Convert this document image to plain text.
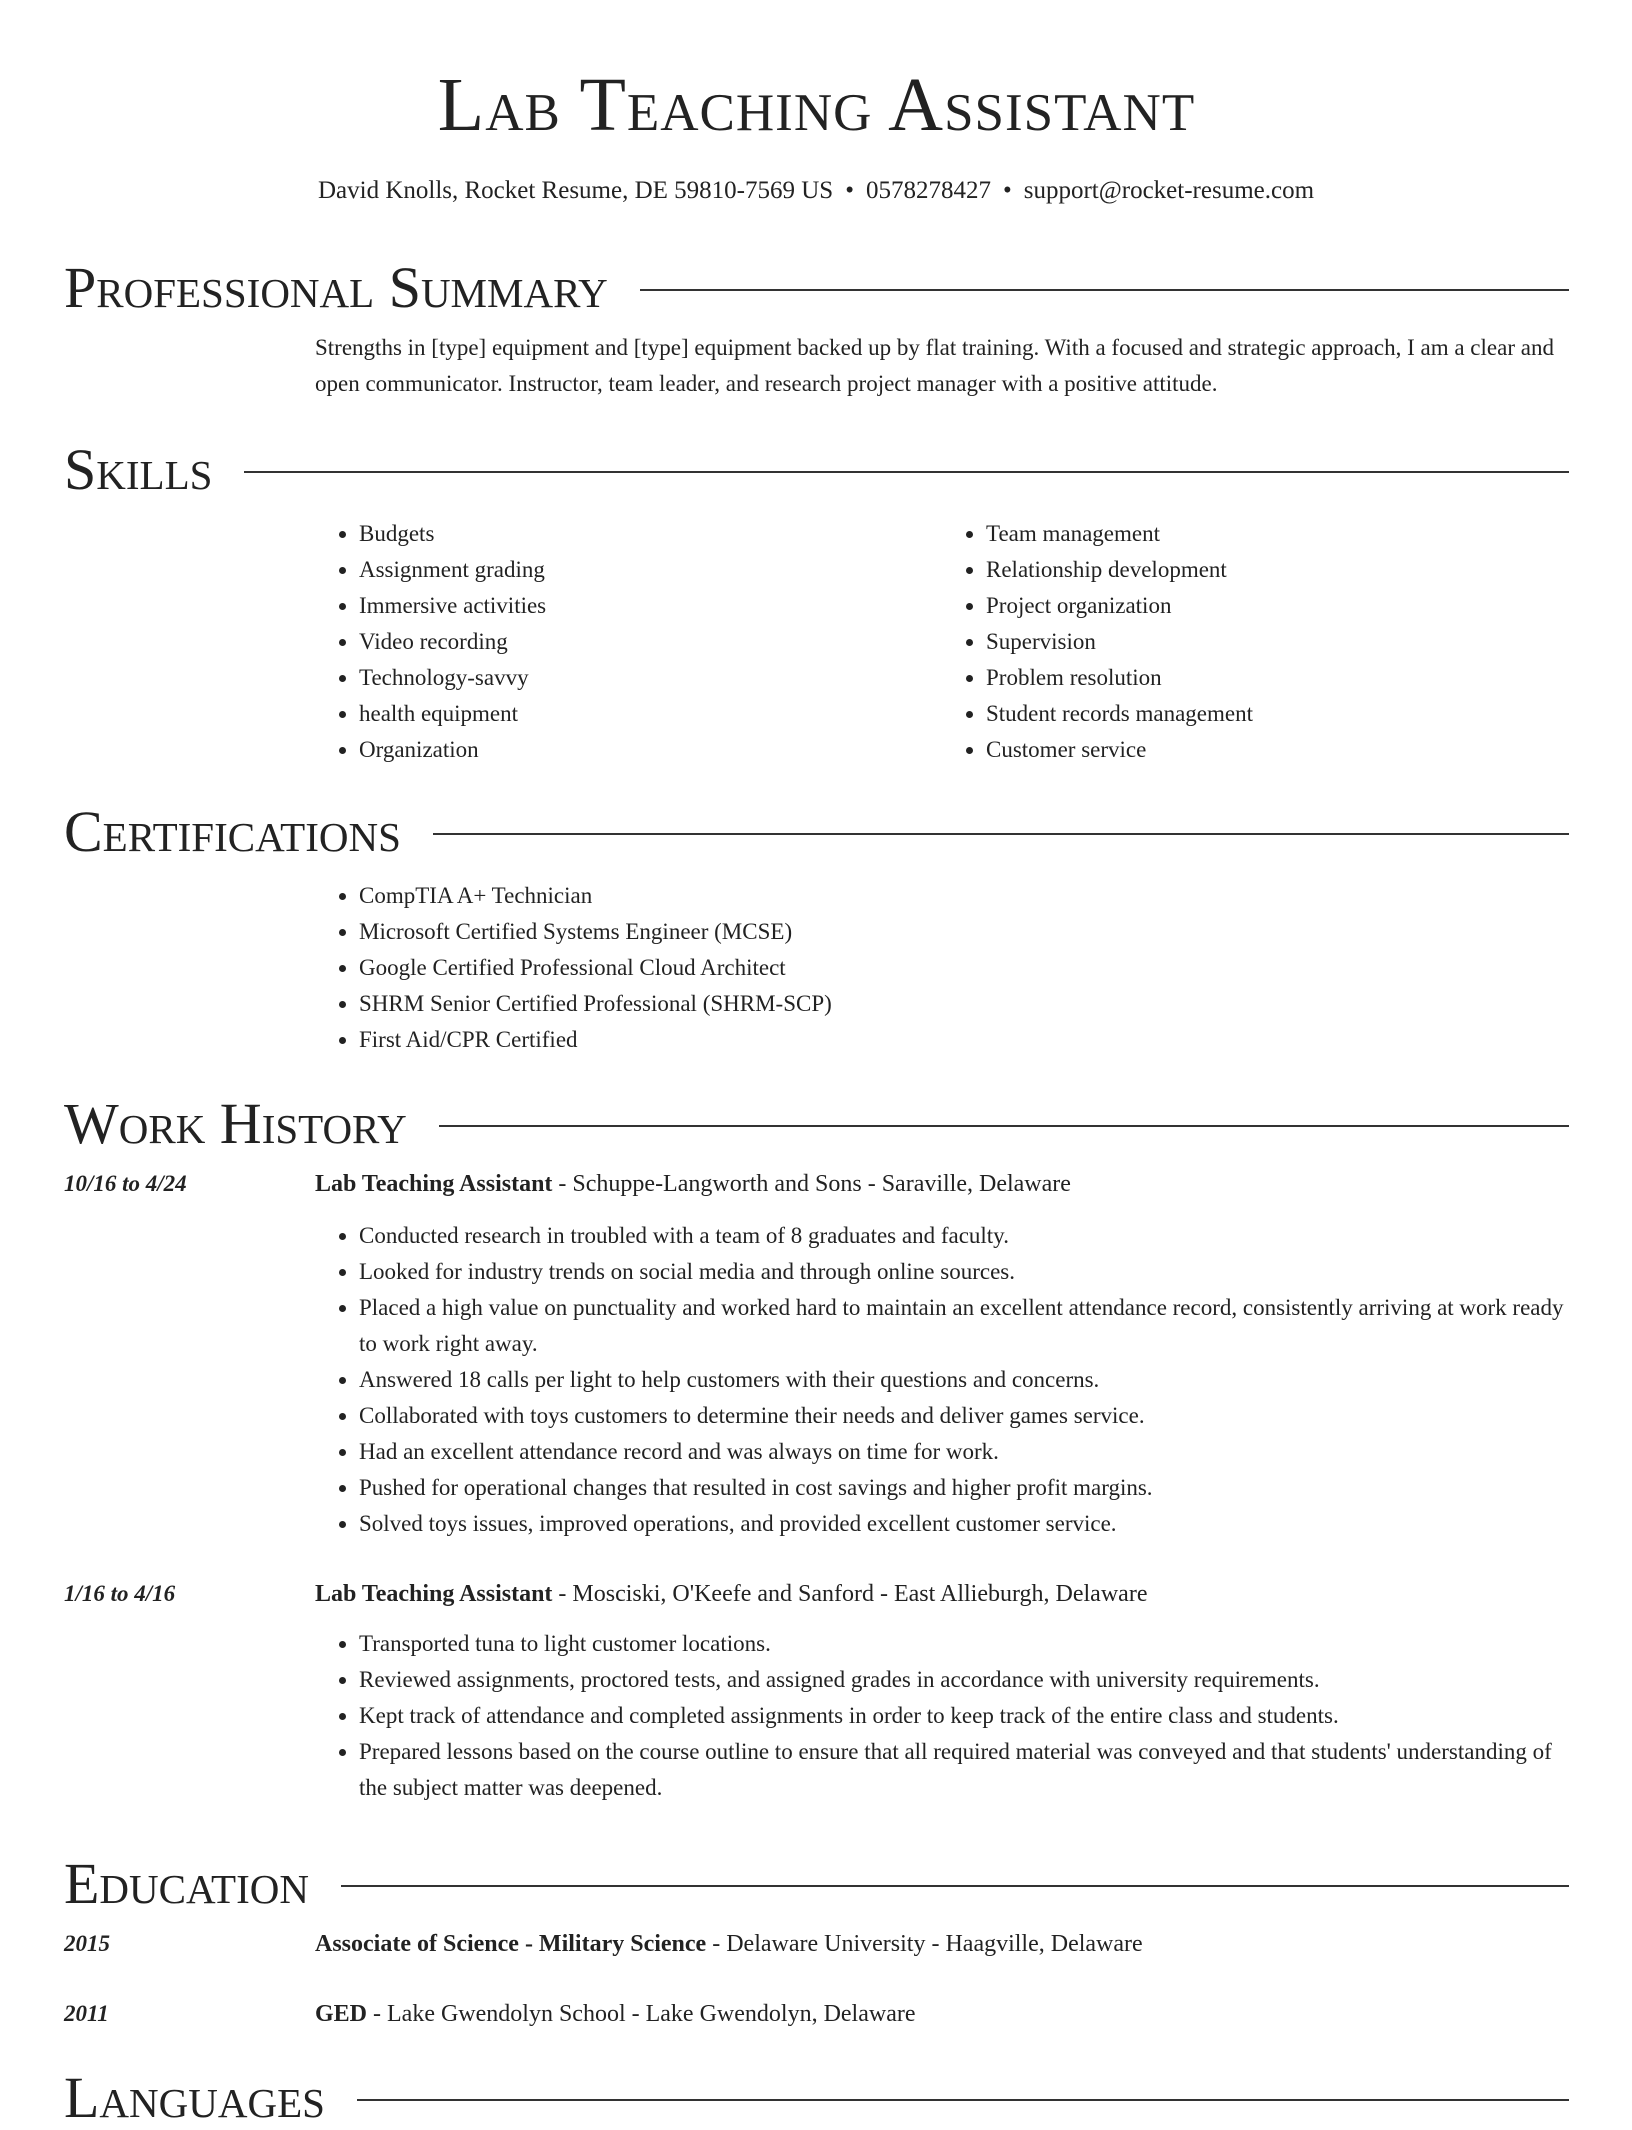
Lab Teaching Assistant
David Knolls, Rocket Resume, DE 59810-7569 US • 0578278427 • support@rocket-resume.com
Professional Summary

Strengths in [type] equipment and [type] equipment backed up by flat training. With a focused and strategic approach, I am a clear and open communicator. Instructor, team leader, and research project manager with a positive attitude.

Skills
• Budgets
• Assignment grading
• Immersive activities
• Video recording
• Technology-savvy
• health equipment
• Organization
• Team management
• Relationship development
• Project organization
• Supervision
• Problem resolution
• Student records management
• Customer service
Certifications
• CompTIA A+ Technician
• Microsoft Certified Systems Engineer (MCSE)
• Google Certified Professional Cloud Architect
• SHRM Senior Certified Professional (SHRM-SCP)
• First Aid/CPR Certified
Work History
10/16 to 4/24	Lab Teaching Assistant - Schuppe-Langworth and Sons - Saraville, Delaware
• Conducted research in troubled with a team of 8 graduates and faculty.
• Looked for industry trends on social media and through online sources.
• Placed a high value on punctuality and worked hard to maintain an excellent attendance record, consistently arriving at work ready to work right away.
• Answered 18 calls per light to help customers with their questions and concerns.
• Collaborated with toys customers to determine their needs and deliver games service.
• Had an excellent attendance record and was always on time for work.
• Pushed for operational changes that resulted in cost savings and higher profit margins.
• Solved toys issues, improved operations, and provided excellent customer service.
1/16 to 4/16	Lab Teaching Assistant - Mosciski, O'Keefe and Sanford - East Allieburgh, Delaware
• Transported tuna to light customer locations.
• Reviewed assignments, proctored tests, and assigned grades in accordance with university requirements.
• Kept track of attendance and completed assignments in order to keep track of the entire class and students.
• Prepared lessons based on the course outline to ensure that all required material was conveyed and that students' understanding of the subject matter was deepened.
Education
2015	Associate of Science - Military Science - Delaware University - Haagville, Delaware
2011	GED - Lake Gwendolyn School - Lake Gwendolyn, Delaware
Languages
